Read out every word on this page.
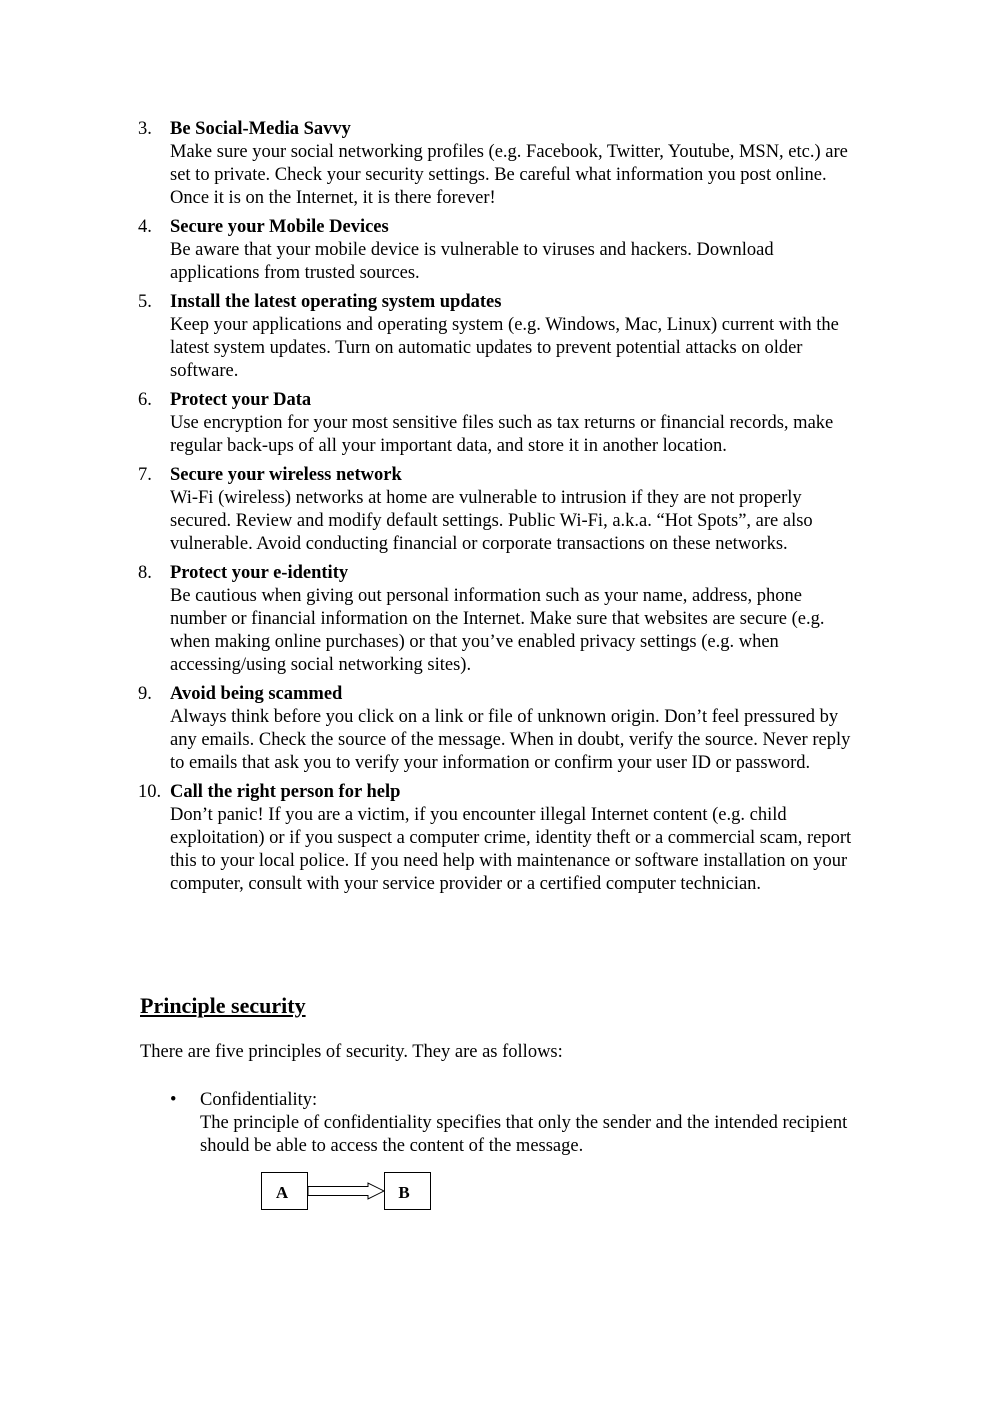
3. Be Social-Media Savvy
Make sure your social networking profiles (e.g. Facebook, Twitter, Youtube, MSN, etc.) are set to private. Check your security settings. Be careful what information you post online. Once it is on the Internet, it is there forever!
4. Secure your Mobile Devices
Be aware that your mobile device is vulnerable to viruses and hackers. Download applications from trusted sources.
5. Install the latest operating system updates
Keep your applications and operating system (e.g. Windows, Mac, Linux) current with the latest system updates. Turn on automatic updates to prevent potential attacks on older software.
6. Protect your Data
Use encryption for your most sensitive files such as tax returns or financial records, make regular back-ups of all your important data, and store it in another location.
7. Secure your wireless network
Wi-Fi (wireless) networks at home are vulnerable to intrusion if they are not properly secured. Review and modify default settings. Public Wi-Fi, a.k.a. “Hot Spots”, are also vulnerable. Avoid conducting financial or corporate transactions on these networks.
8. Protect your e-identity
Be cautious when giving out personal information such as your name, address, phone number or financial information on the Internet. Make sure that websites are secure (e.g. when making online purchases) or that you’ve enabled privacy settings (e.g. when accessing/using social networking sites).
9. Avoid being scammed
Always think before you click on a link or file of unknown origin. Don’t feel pressured by any emails. Check the source of the message. When in doubt, verify the source. Never reply to emails that ask you to verify your information or confirm your user ID or password.
10. Call the right person for help
Don’t panic! If you are a victim, if you encounter illegal Internet content (e.g. child exploitation) or if you suspect a computer crime, identity theft or a commercial scam, report this to your local police. If you need help with maintenance or software installation on your computer, consult with your service provider or a certified computer technician.
Principle security
There are five principles of security. They are as follows:
• Confidentiality:
The principle of confidentiality specifies that only the sender and the intended recipient should be able to access the content of the message.
A	B
